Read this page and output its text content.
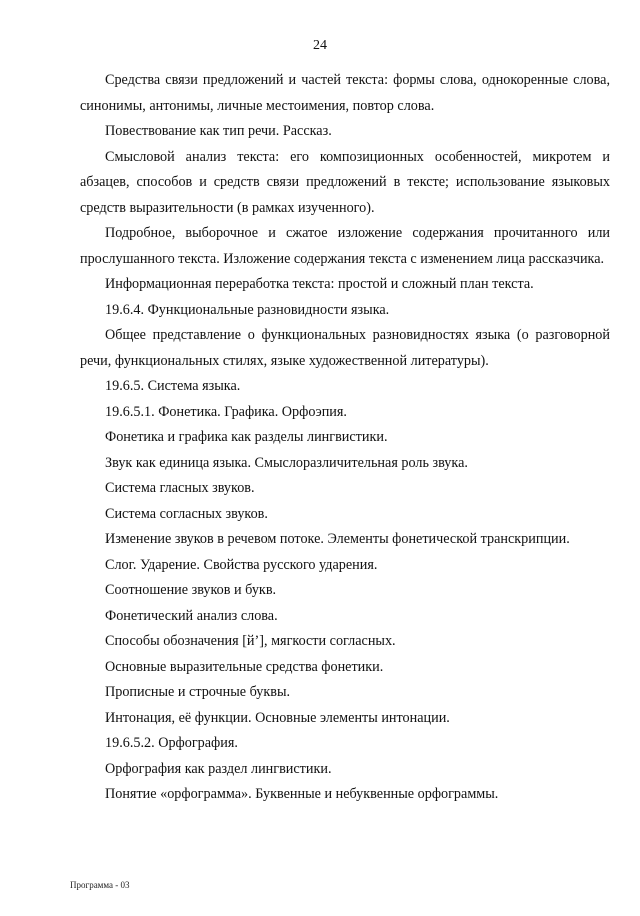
24

Средства связи предложений и частей текста: формы слова, однокоренные слова, синонимы, антонимы, личные местоимения, повтор слова.

Повествование как тип речи. Рассказ.

Смысловой анализ текста: его композиционных особенностей, микротем и абзацев, способов и средств связи предложений в тексте; использование языковых средств выразительности (в рамках изученного).

Подробное, выборочное и сжатое изложение содержания прочитанного или прослушанного текста. Изложение содержания текста с изменением лица рассказчика.

Информационная переработка текста: простой и сложный план текста.

19.6.4. Функциональные разновидности языка.

Общее представление о функциональных разновидностях языка (о разговорной речи, функциональных стилях, языке художественной литературы).

19.6.5. Система языка.

19.6.5.1. Фонетика. Графика. Орфоэпия.

Фонетика и графика как разделы лингвистики.

Звук как единица языка. Смыслоразличительная роль звука.

Система гласных звуков.

Система согласных звуков.

Изменение звуков в речевом потоке. Элементы фонетической транскрипции.

Слог. Ударение. Свойства русского ударения.

Соотношение звуков и букв.

Фонетический анализ слова.

Способы обозначения [й’], мягкости согласных.

Основные выразительные средства фонетики.

Прописные и строчные буквы.

Интонация, её функции. Основные элементы интонации.

19.6.5.2. Орфография.

Орфография как раздел лингвистики.

Понятие «орфограмма». Буквенные и небуквенные орфограммы.

Программа - 03
